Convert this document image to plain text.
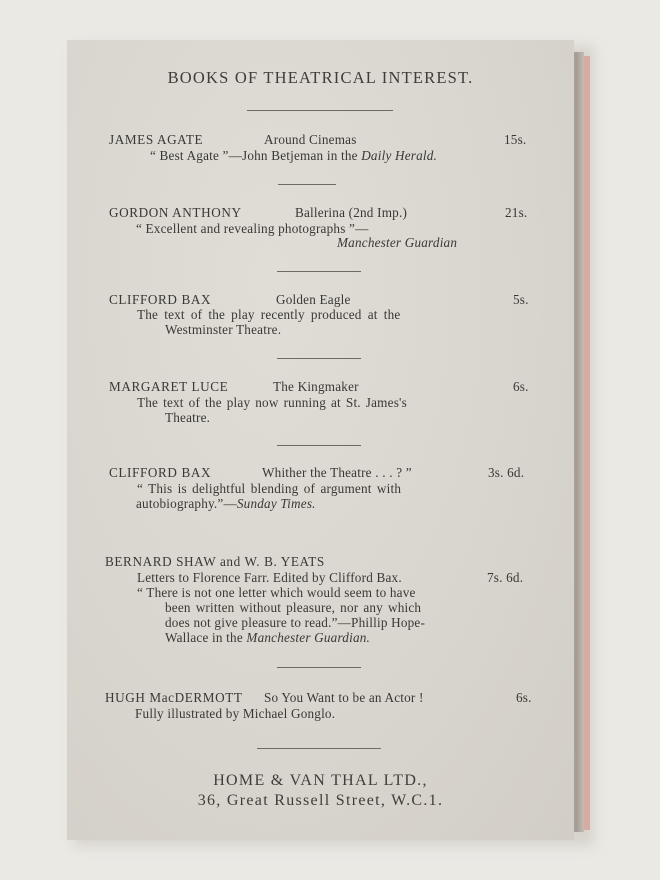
BOOKS OF THEATRICAL INTEREST.
JAMES AGATE	Around Cinemas	15s.
“ Best Agate ”—John Betjeman in the Daily Herald.
GORDON ANTHONY	Ballerina (2nd Imp.)	21s.
“ Excellent and revealing photographs ”—
Manchester Guardian
CLIFFORD BAX	Golden Eagle	5s.
The text of the play recently produced at the
Westminster Theatre.
MARGARET LUCE	The Kingmaker	6s.
The text of the play now running at St. James's
Theatre.
CLIFFORD BAX	Whither the Theatre . . . ? ”	3s. 6d.
“ This is delightful blending of argument with
autobiography.”—Sunday Times.
BERNARD SHAW and W. B. YEATS
Letters to Florence Farr. Edited by Clifford Bax.	7s. 6d.
“ There is not one letter which would seem to have
been written without pleasure, nor any which
does not give pleasure to read.”—Phillip Hope-
Wallace in the Manchester Guardian.
HUGH MacDERMOTT So You Want to be an Actor !	6s.
Fully illustrated by Michael Gonglo.
HOME & VAN THAL LTD.,
36, Great Russell Street, W.C.1.
